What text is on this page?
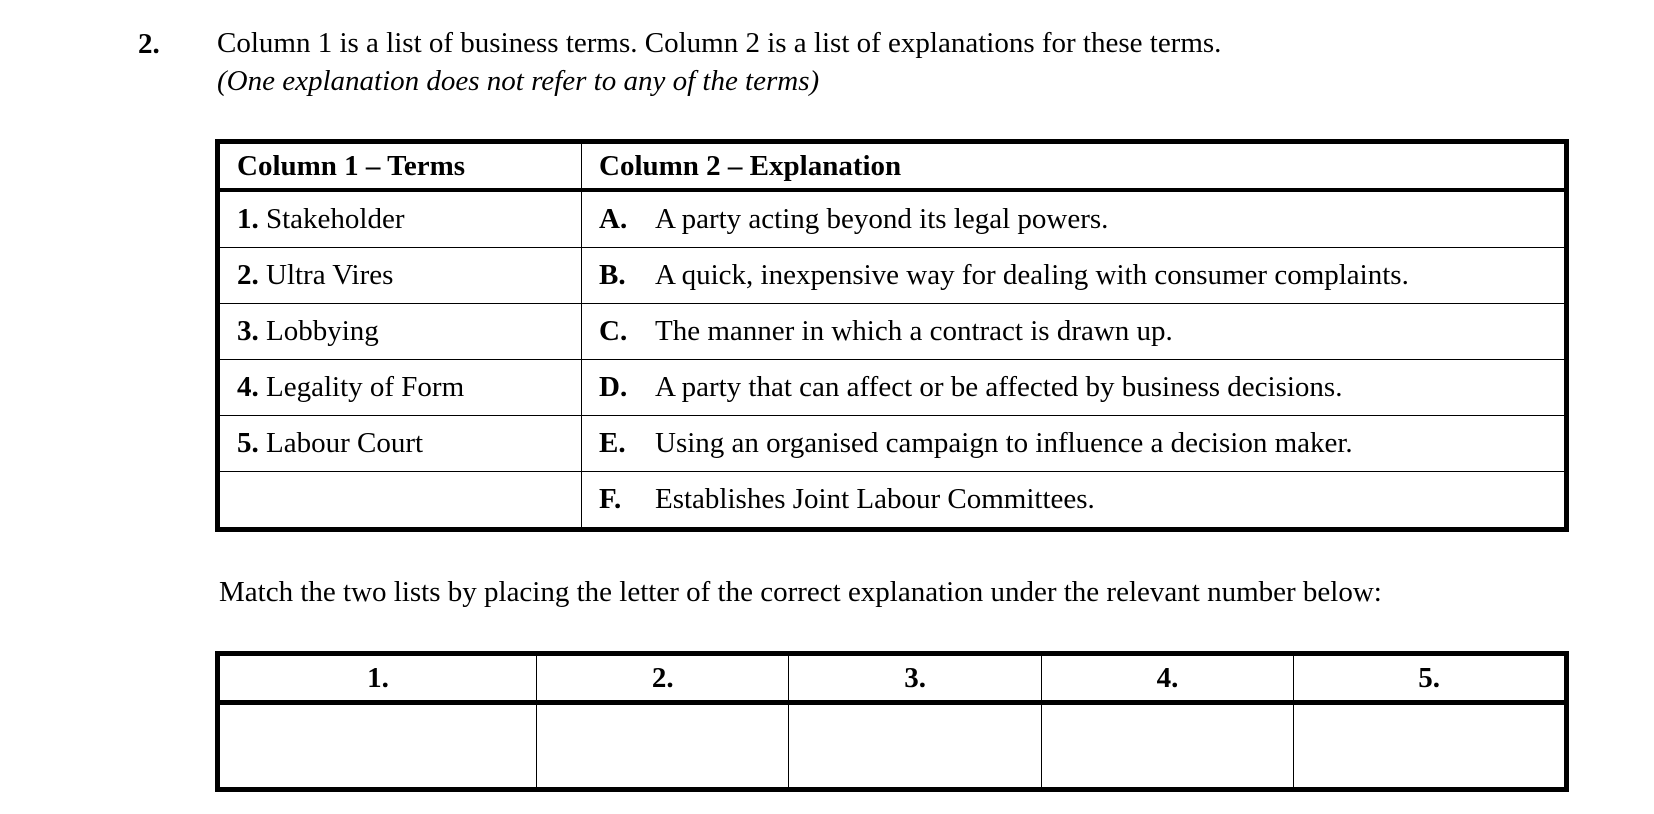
2. Column 1 is a list of business terms. Column 2 is a list of explanations for these terms.
(One explanation does not refer to any of the terms)
Column 1 – Terms	Column 2 – Explanation
1. Stakeholder	A. A party acting beyond its legal powers.
2. Ultra Vires	B. A quick, inexpensive way for dealing with consumer complaints.
3. Lobbying	C. The manner in which a contract is drawn up.
4. Legality of Form	D. A party that can affect or be affected by business decisions.
5. Labour Court	E. Using an organised campaign to influence a decision maker.
	F. Establishes Joint Labour Committees.
Match the two lists by placing the letter of the correct explanation under the relevant number below:
1.	2.	3.	4.	5.
